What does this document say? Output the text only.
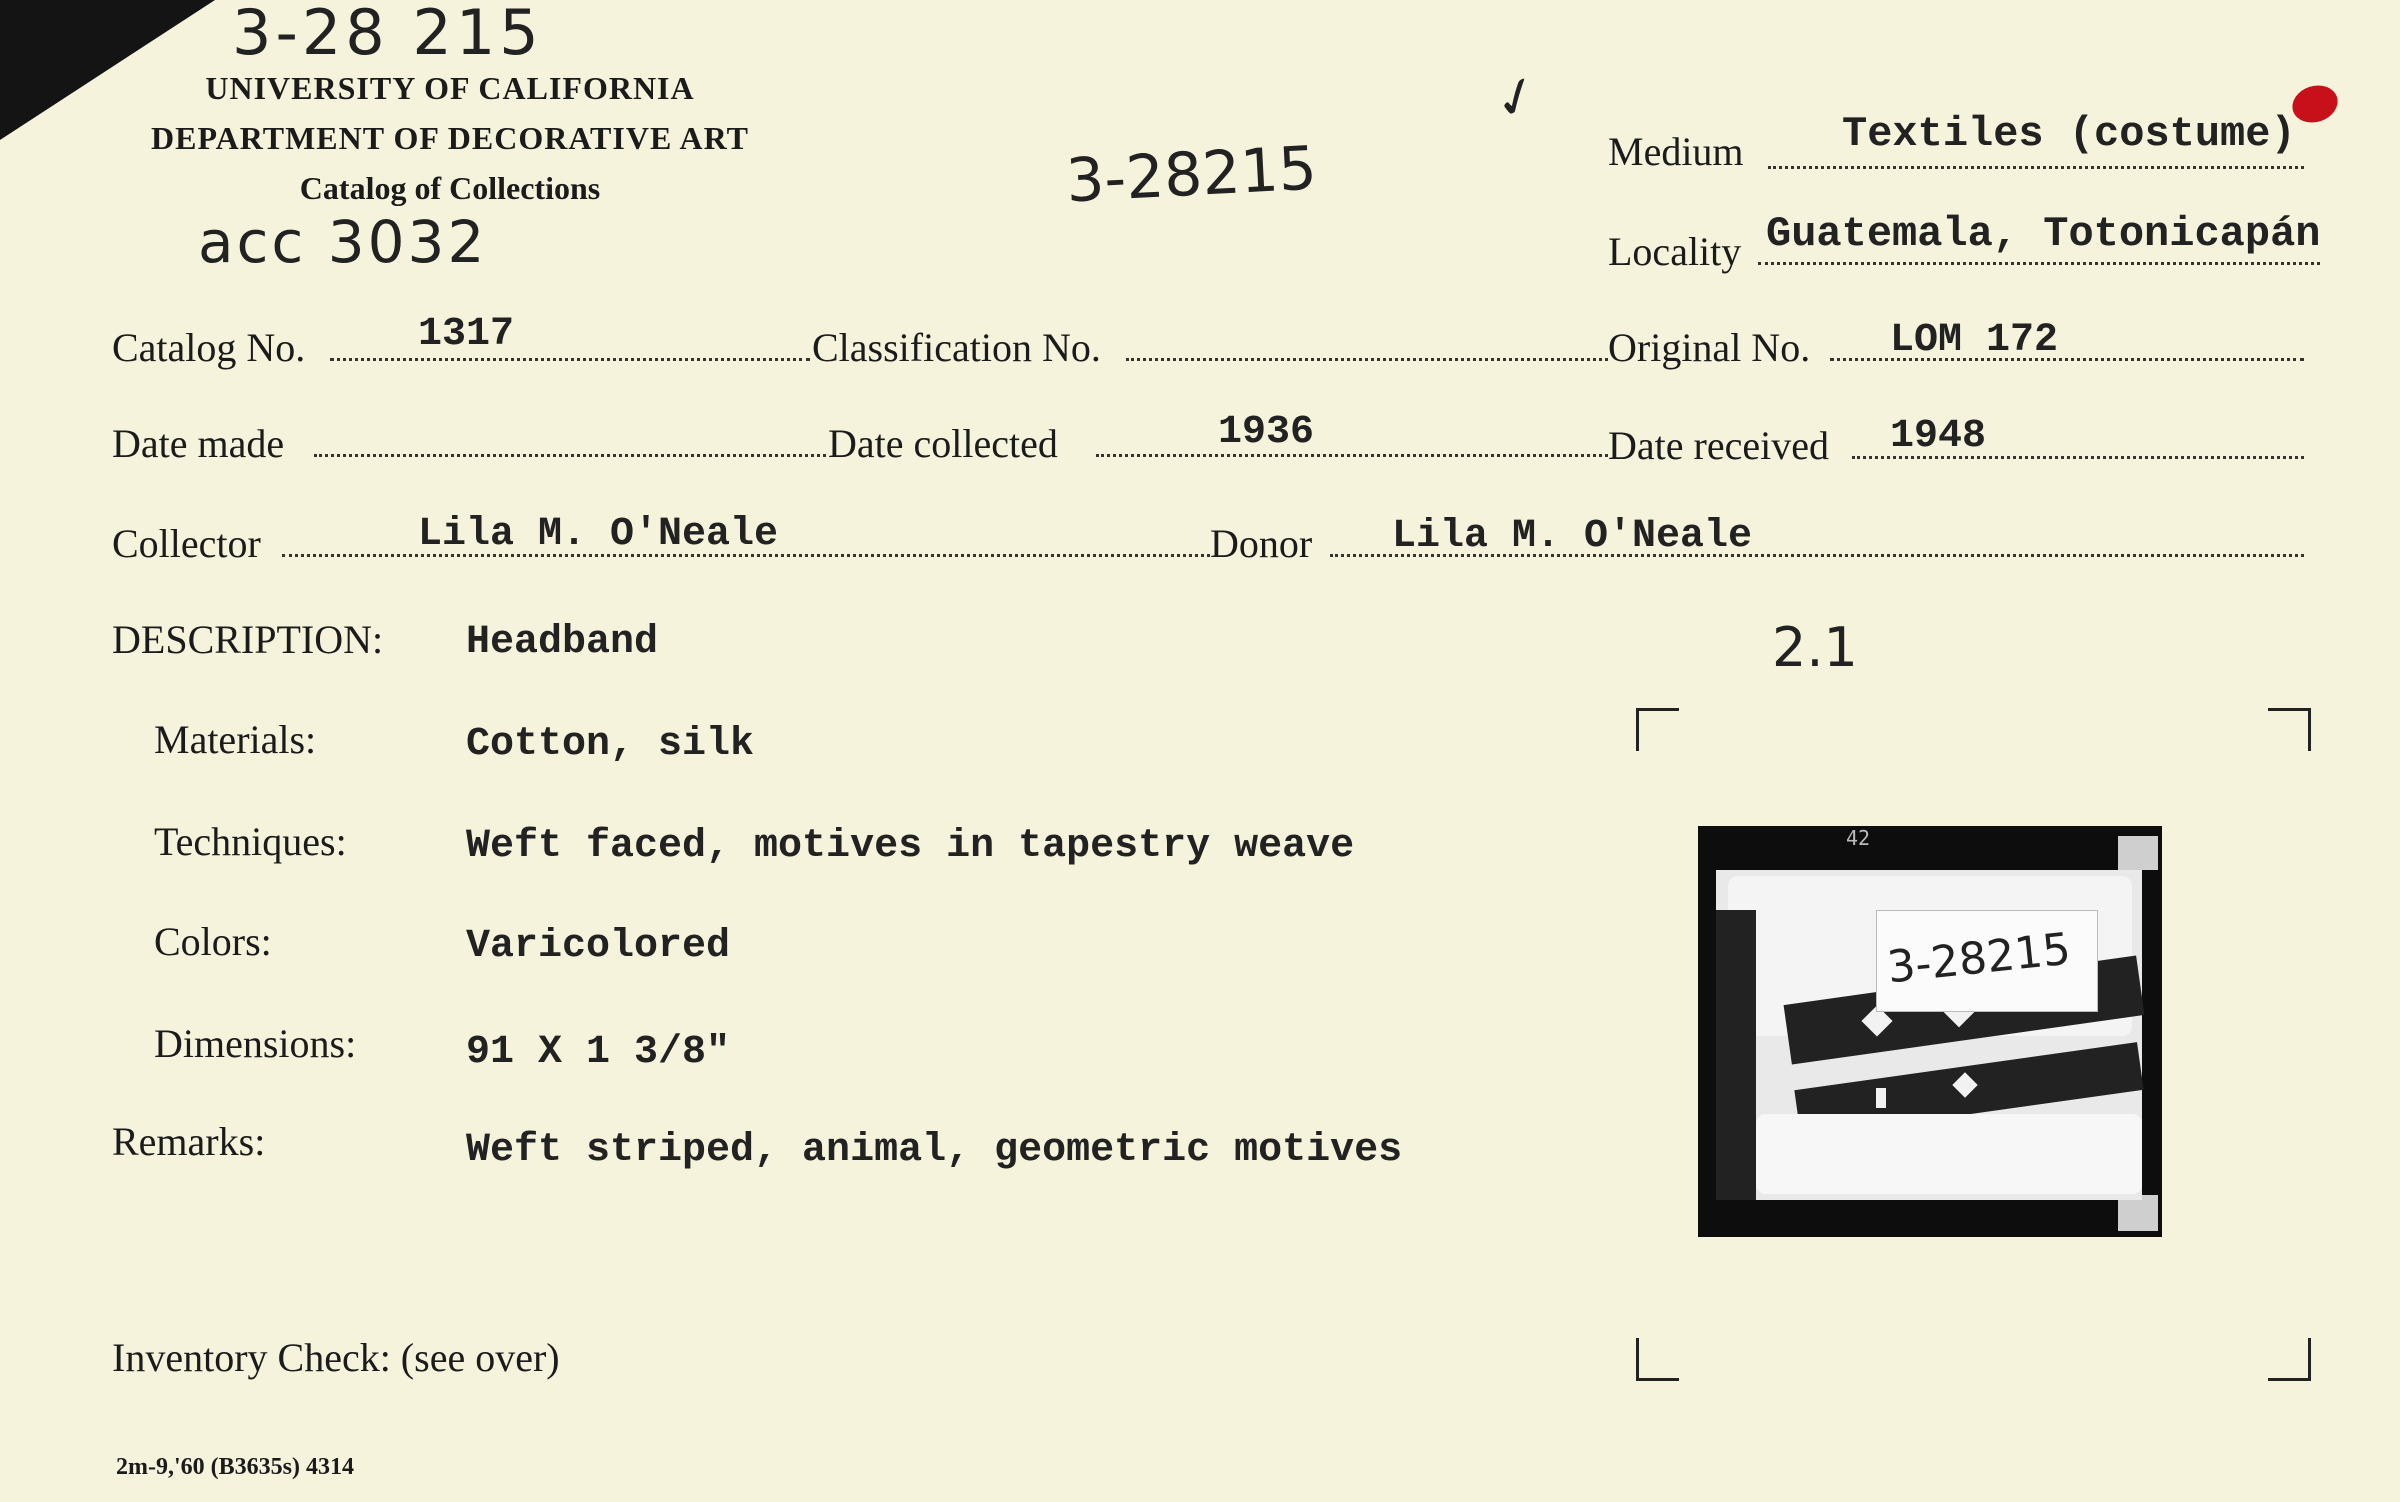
3-28 215
UNIVERSITY OF CALIFORNIA
DEPARTMENT OF DECORATIVE ART
Catalog of Collections
acc 3032
3-28215
✓
Medium Textiles (costume)
Locality Guatemala, Totonicapán
Catalog No.	1317	Classification No.	Original No. LOM 172
Date made	Date collected	1936	Date received 1948
Collector	Lila M. O'Neale	Donor Lila M. O'Neale
DESCRIPTION: Headband
Materials:	Cotton, silk
Techniques:	Weft faced, motives in tapestry weave
Colors:	Varicolored
Dimensions:	91 X 1 3/8"
Remarks:	Weft striped, animal, geometric motives
2.1
42
3-28215
Inventory Check: (see over)
2m-9,'60 (B3635s) 4314
